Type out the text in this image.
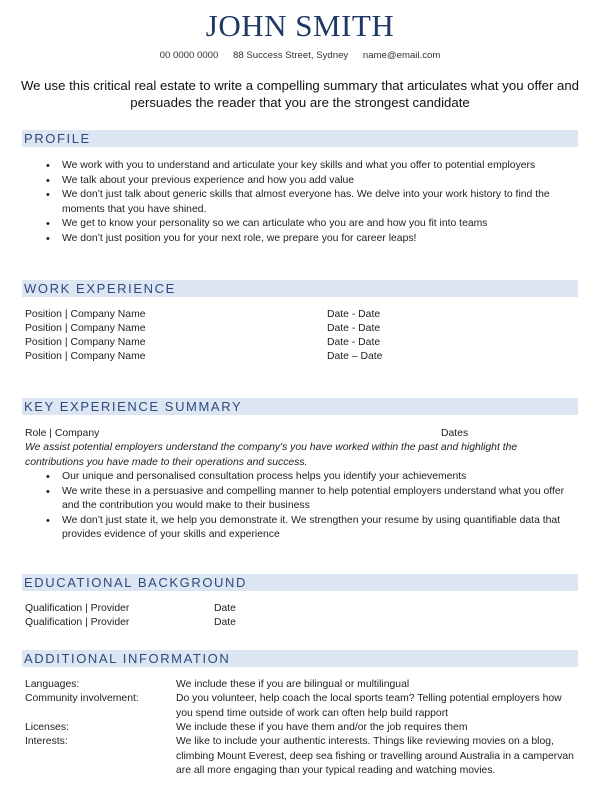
JOHN SMITH
00 0000 0000 88 Success Street, Sydney name@email.com
We use this critical real estate to write a compelling summary that articulates what you offer and persuades the reader that you are the strongest candidate
PROFILE
• We work with you to understand and articulate your key skills and what you offer to potential employers
• We talk about your previous experience and how you add value
• We don’t just talk about generic skills that almost everyone has. We delve into your work history to find the moments that you have shined.
• We get to know your personality so we can articulate who you are and how you fit into teams
• We don’t just position you for your next role, we prepare you for career leaps!
WORK EXPERIENCE
Position | Company Name	Date - Date
Position | Company Name	Date - Date
Position | Company Name	Date - Date
Position | Company Name	Date – Date
KEY EXPERIENCE SUMMARY
Role | Company	Dates
We assist potential employers understand the company's you have worked within the past and highlight the contributions you have made to their operations and success.
• Our unique and personalised consultation process helps you identify your achievements
• We write these in a persuasive and compelling manner to help potential employers understand what you offer and the contribution you would make to their business
• We don’t just state it, we help you demonstrate it. We strengthen your resume by using quantifiable data that provides evidence of your skills and experience
EDUCATIONAL BACKGROUND
Qualification | Provider	Date
Qualification | Provider	Date
ADDITIONAL INFORMATION
Languages:	We include these if you are bilingual or multilingual
Community involvement:	Do you volunteer, help coach the local sports team? Telling potential employers how you spend time outside of work can often help build rapport
Licenses:	We include these if you have them and/or the job requires them
Interests:	We like to include your authentic interests. Things like reviewing movies on a blog, climbing Mount Everest, deep sea fishing or travelling around Australia in a campervan are all more engaging than your typical reading and watching movies.
